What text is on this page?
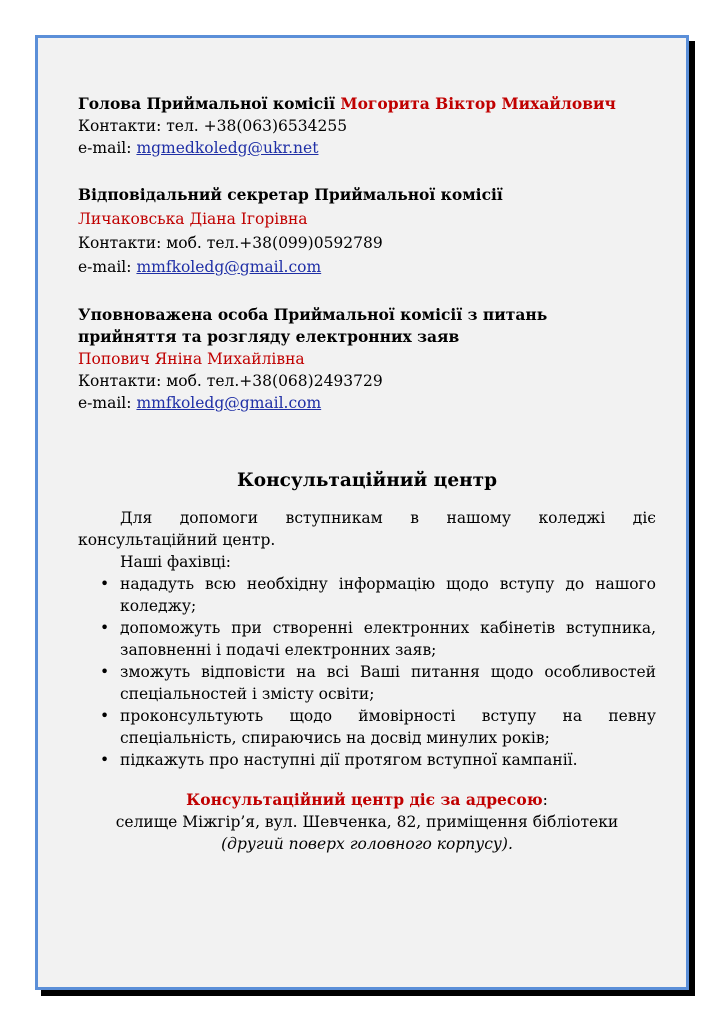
Голова Приймальної комісії Могорита Віктор Михайлович
Контакти: тел. +38(063)6534255
e-mail: mgmedkoledg@ukr.net
Відповідальний секретар Приймальної комісії
Личаковська Діана Ігорівна
Контакти: моб. тел.+38(099)0592789
e-mail: mmfkoledg@gmail.com
Уповноважена особа Приймальної комісії з питань
прийняття та розгляду електронних заяв
Попович Яніна Михайлівна
Контакти: моб. тел.+38(068)2493729
e-mail: mmfkoledg@gmail.com
Консультаційний центр
Для допомоги вступникам в нашому коледжі діє
консультаційний центр.
Наші фахівці:
• нададуть всю необхідну інформацію щодо вступу до нашого коледжу;
• допоможуть при створенні електронних кабінетів вступника, заповненні і подачі електронних заяв;
• зможуть відповісти на всі Ваші питання щодо особливостей спеціальностей і змісту освіти;
• проконсультують щодо ймовірності вступу на певну спеціальність, спираючись на досвід минулих років;
• підкажуть про наступні дії протягом вступної кампанії.
Консультаційний центр діє за адресою:
селище Міжгір’я, вул. Шевченка, 82, приміщення бібліотеки
(другий поверх головного корпусу).
